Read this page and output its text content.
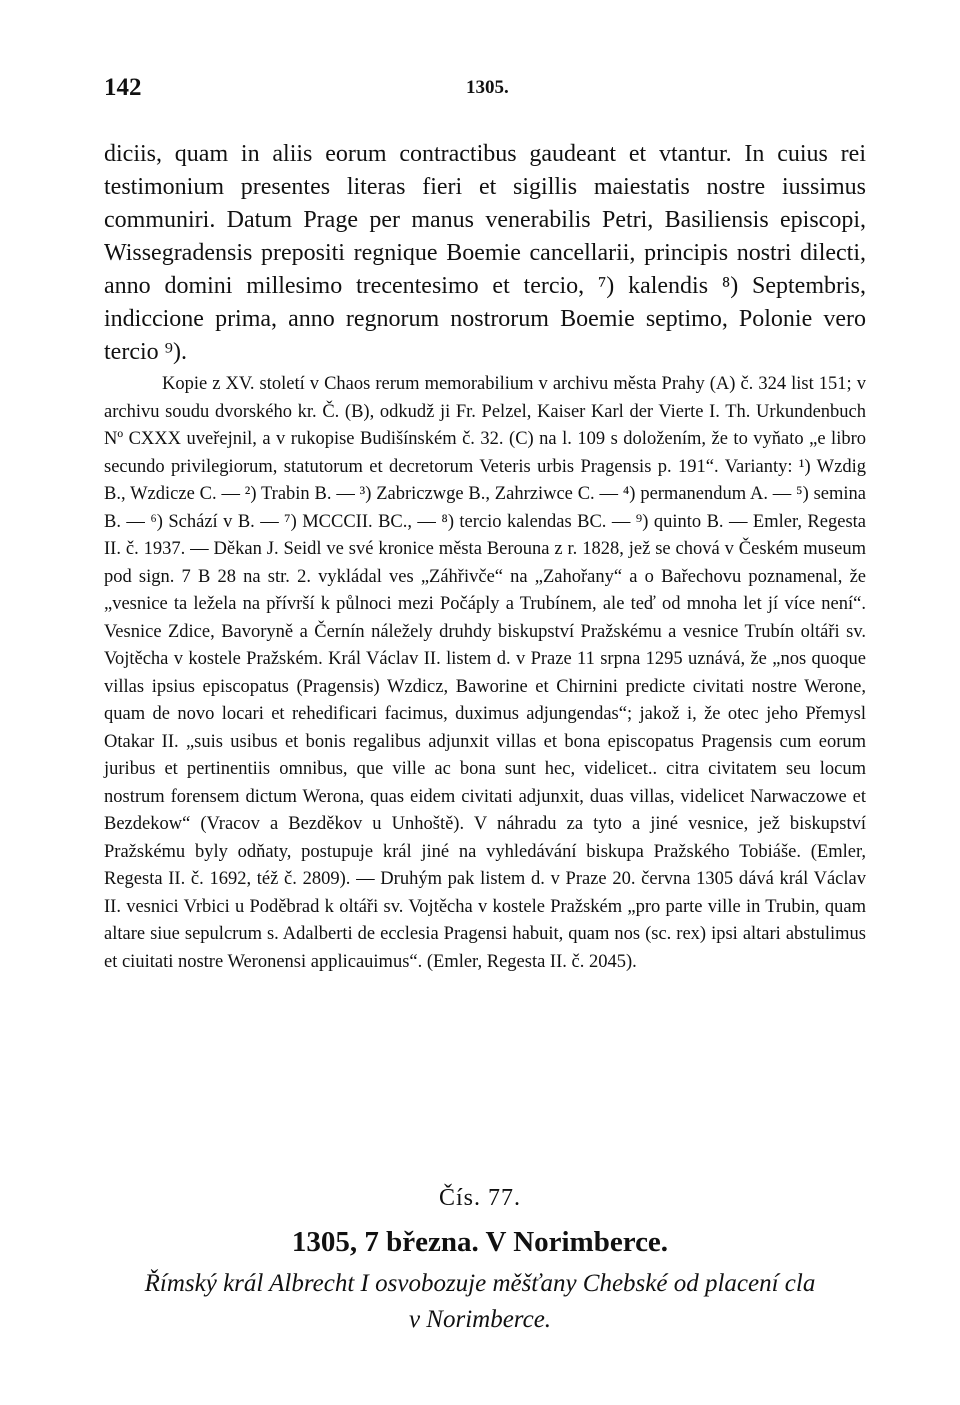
142	1305.

diciis, quam in aliis eorum contractibus gaudeant et vtantur. In cuius rei testimonium presentes literas fieri et sigillis maiestatis nostre iussimus communiri. Datum Prage per manus venerabilis Petri, Basiliensis episcopi, Wissegradensis prepositi regnique Boemie cancellarii, principis nostri dilecti, anno domini millesimo trecentesimo et tercio, ⁷) kalendis ⁸) Septembris, indiccione prima, anno regnorum nostrorum Boemie septimo, Polonie vero tercio ⁹).

Kopie z XV. století v Chaos rerum memorabilium v archivu města Prahy (A) č. 324 list 151; v archivu soudu dvorského kr. Č. (B), odkudž ji Fr. Pelzel, Kaiser Karl der Vierte I. Th. Urkundenbuch Nº CXXX uveřejnil, a v rukopise Budišínském č. 32. (C) na l. 109 s doložením, že to vyňato „e libro secundo privilegiorum, statutorum et decretorum Veteris urbis Pragensis p. 191“. Varianty: ¹) Wzdig B., Wzdicze C. — ²) Trabin B. — ³) Zabriczwge B., Zahrziwce C. — ⁴) permanendum A. — ⁵) semina B. — ⁶) Schází v B. — ⁷) MCCCII. BC., — ⁸) tercio kalendas BC. — ⁹) quinto B. — Emler, Regesta II. č. 1937. — Děkan J. Seidl ve své kronice města Berouna z r. 1828, jež se chová v Českém museum pod sign. 7 B 28 na str. 2. vykládal ves „Záhřivče“ na „Zahořany“ a o Bařechovu poznamenal, že „vesnice ta ležela na přívrší k půlnoci mezi Počáply a Trubínem, ale teď od mnoha let jí více není“. Vesnice Zdice, Bavoryně a Černín náležely druhdy biskupství Pražskému a vesnice Trubín oltáři sv. Vojtěcha v kostele Pražském. Král Václav II. listem d. v Praze 11 srpna 1295 uznává, že „nos quoque villas ipsius episcopatus (Pragensis) Wzdicz, Baworine et Chirnini predicte civitati nostre Werone, quam de novo locari et rehedificari facimus, duximus adjungendas“; jakož i, že otec jeho Přemysl Otakar II. „suis usibus et bonis regalibus adjunxit villas et bona episcopatus Pragensis cum eorum juribus et pertinentiis omnibus, que ville ac bona sunt hec, videlicet.. citra civitatem seu locum nostrum forensem dictum Werona, quas eidem civitati adjunxit, duas villas, videlicet Narwaczowe et Bezdekow“ (Vracov a Bezděkov u Unhoště). V náhradu za tyto a jiné vesnice, jež biskupství Pražskému byly odňaty, postupuje král jiné na vyhledávání biskupa Pražského Tobiáše. (Emler, Regesta II. č. 1692, též č. 2809). — Druhým pak listem d. v Praze 20. června 1305 dává král Václav II. vesnici Vrbici u Poděbrad k oltáři sv. Vojtěcha v kostele Pražském „pro parte ville in Trubin, quam altare siue sepulcrum s. Adalberti de ecclesia Pragensi habuit, quam nos (sc. rex) ipsi altari abstulimus et ciuitati nostre Weronensi applicauimus“. (Emler, Regesta II. č. 2045).

Čís. 77.
1305, 7 března. V Norimberce.
Římský král Albrecht I osvobozuje měšťany Chebské od placení cla
v Norimberce.
